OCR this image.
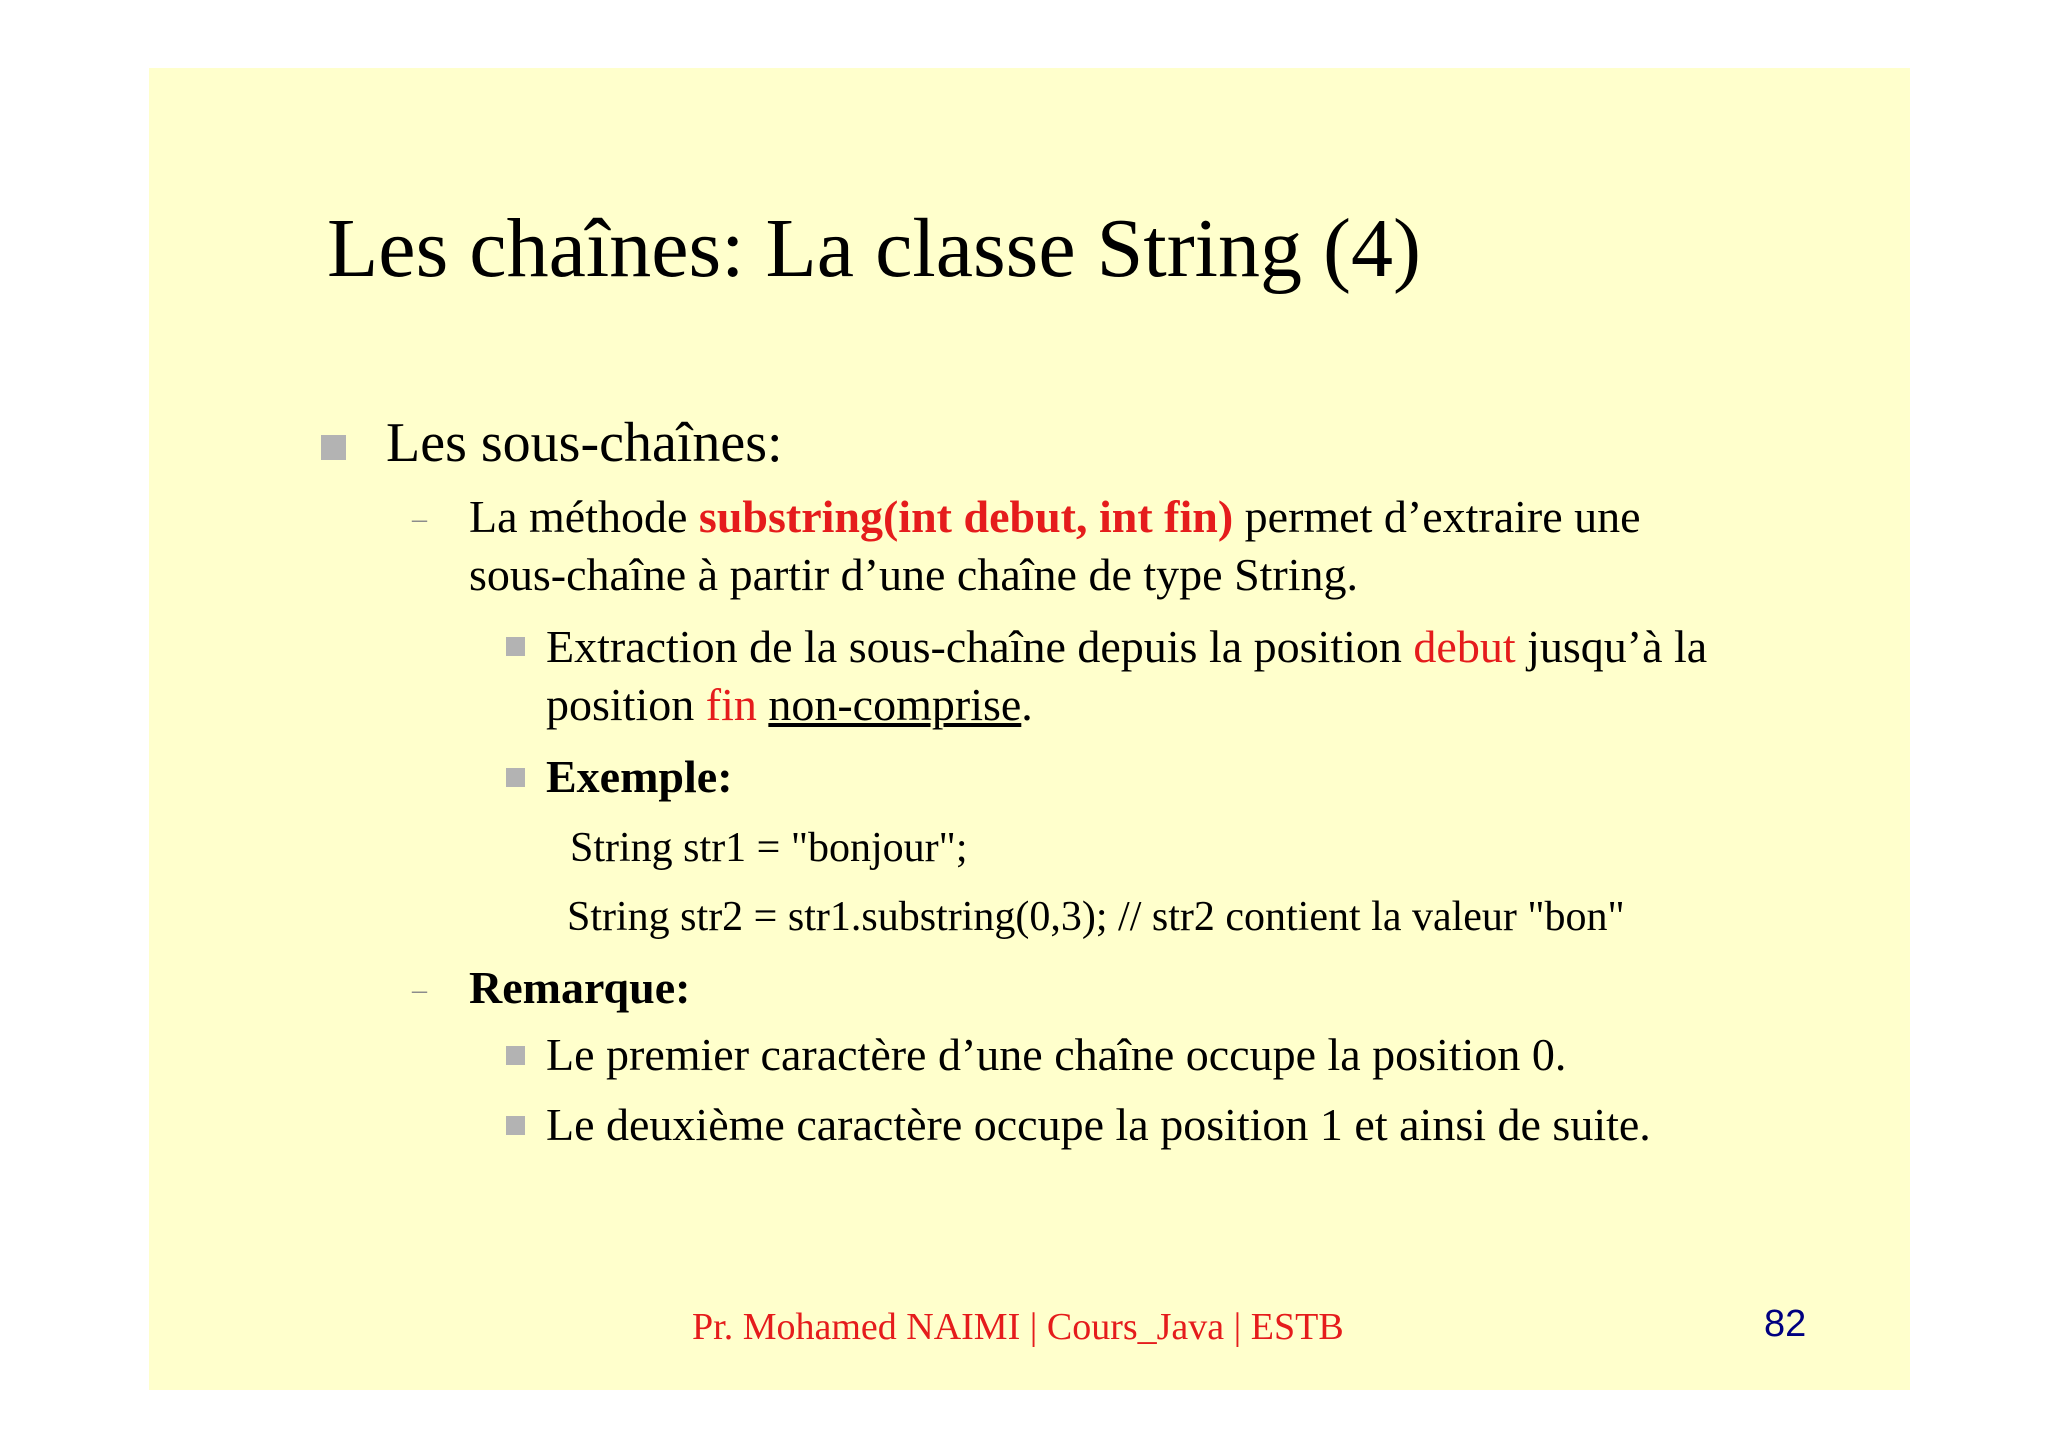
Les chaînes: La classe String (4)
Les sous-chaînes:
– La méthode substring(int debut, int fin) permet d’extraire une
sous-chaîne à partir d’une chaîne de type String.
Extraction de la sous-chaîne depuis la position debut jusqu’à la
position fin non-comprise.
Exemple:
String str1 = "bonjour";
String str2 = str1.substring(0,3); // str2 contient la valeur "bon"
– Remarque:
Le premier caractère d’une chaîne occupe la position 0.
Le deuxième caractère occupe la position 1 et ainsi de suite.
Pr. Mohamed NAIMI | Cours_Java | ESTB	82
